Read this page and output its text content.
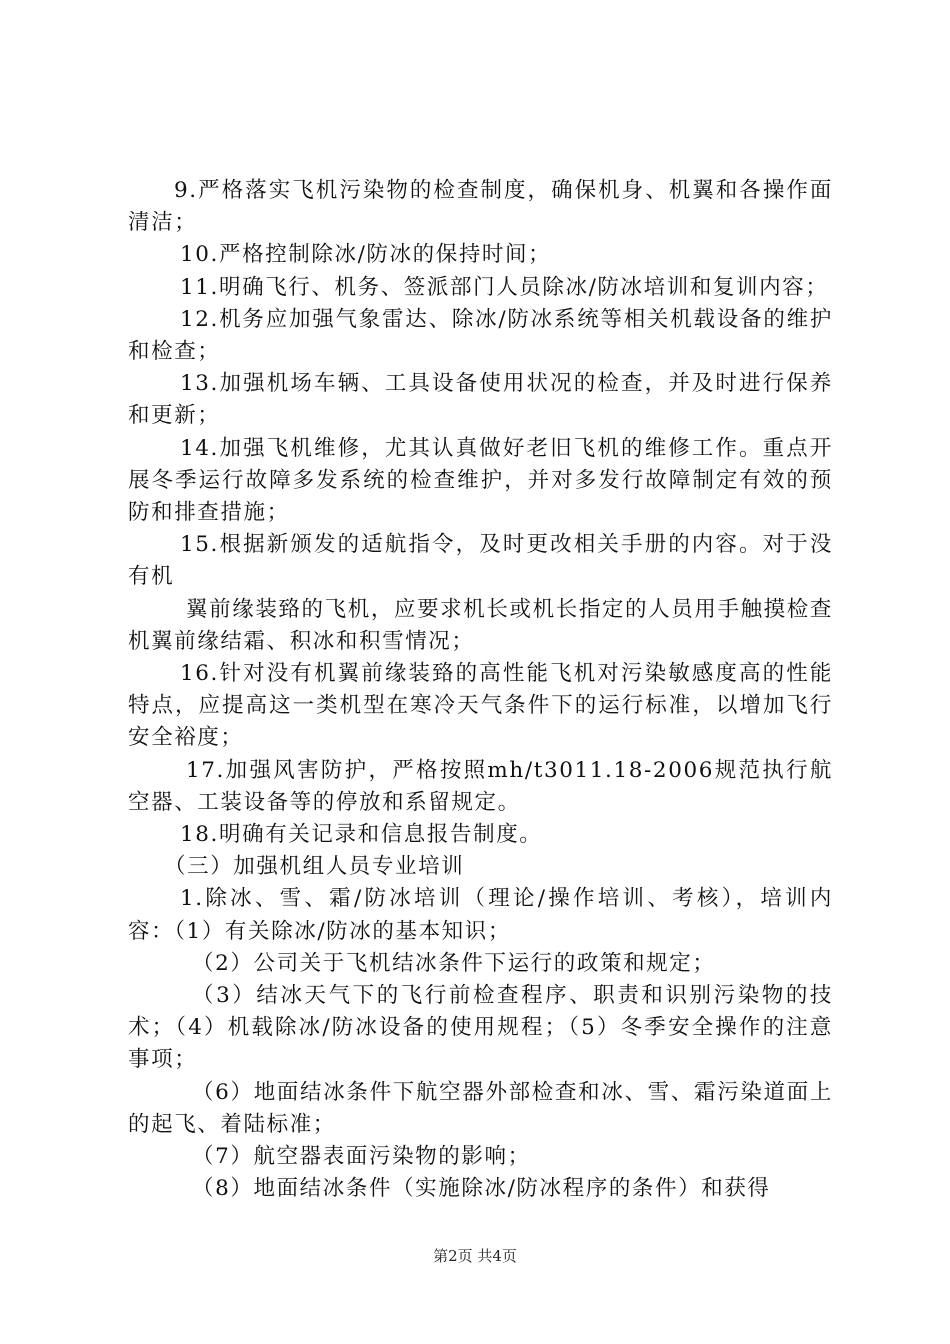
9.严格落实飞机污染物的检查制度，确保机身、机翼和各操作面清洁；

10.严格控制除冰/防冰的保持时间；

11.明确飞行、机务、签派部门人员除冰/防冰培训和复训内容；

12.机务应加强气象雷达、除冰/防冰系统等相关机载设备的维护和检查；

13.加强机场车辆、工具设备使用状况的检查，并及时进行保养和更新；

14.加强飞机维修，尤其认真做好老旧飞机的维修工作。重点开展冬季运行故障多发系统的检查维护，并对多发行故障制定有效的预防和排查措施；

15.根据新颁发的适航指令，及时更改相关手册的内容。对于没有机

翼前缘装臵的飞机，应要求机长或机长指定的人员用手触摸检查机翼前缘结霜、积冰和积雪情况；

16.针对没有机翼前缘装臵的高性能飞机对污染敏感度高的性能特点，应提高这一类机型在寒冷天气条件下的运行标准，以增加飞行安全裕度；

17.加强风害防护，严格按照mh/t3011.18-2006规范执行航空器、工装设备等的停放和系留规定。

18.明确有关记录和信息报告制度。

（三）加强机组人员专业培训

1.除冰、雪、霜/防冰培训（理论/操作培训、考核），培训内容：（1）有关除冰/防冰的基本知识；

（2）公司关于飞机结冰条件下运行的政策和规定；

（3）结冰天气下的飞行前检查程序、职责和识别污染物的技术；（4）机载除冰/防冰设备的使用规程；（5）冬季安全操作的注意事项；

（6）地面结冰条件下航空器外部检查和冰、雪、霜污染道面上的起飞、着陆标准；

（7）航空器表面污染物的影响；

（8）地面结冰条件（实施除冰/防冰程序的条件）和获得

第2页 共4页
